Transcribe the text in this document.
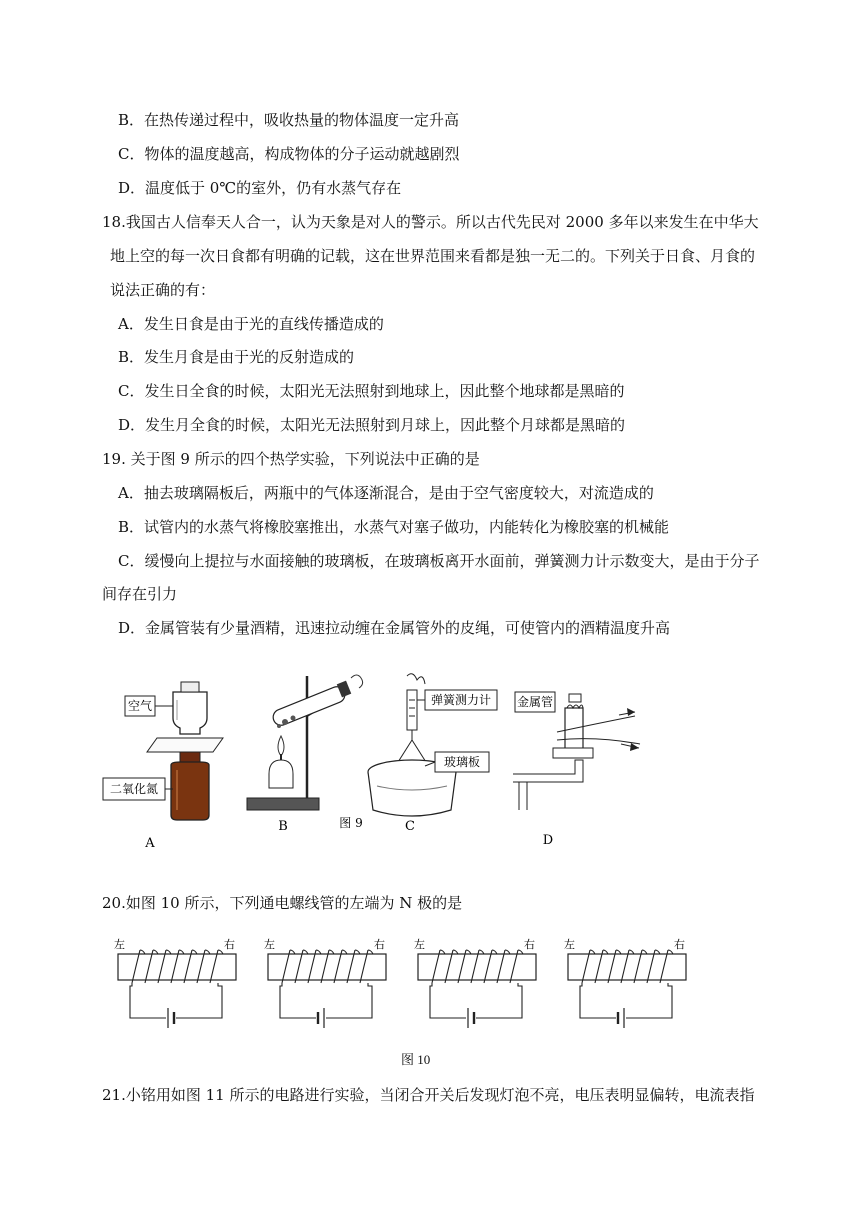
B．在热传递过程中，吸收热量的物体温度一定升高
C．物体的温度越高，构成物体的分子运动就越剧烈
D．温度低于 0℃的室外，仍有水蒸气存在
18.我国古人信奉天人合一，认为天象是对人的警示。所以古代先民对 2000 多年以来发生在中华大
地上空的每一次日食都有明确的记载，这在世界范围来看都是独一无二的。下列关于日食、月食的
说法正确的有：
A．发生日食是由于光的直线传播造成的
B．发生月食是由于光的反射造成的
C．发生日全食的时候，太阳光无法照射到地球上，因此整个地球都是黑暗的
D．发生月全食的时候，太阳光无法照射到月球上，因此整个月球都是黑暗的
19. 关于图 9 所示的四个热学实验，下列说法中正确的是
A．抽去玻璃隔板后，两瓶中的气体逐渐混合，是由于空气密度较大，对流造成的
B．试管内的水蒸气将橡胶塞推出，水蒸气对塞子做功，内能转化为橡胶塞的机械能
C．缓慢向上提拉与水面接触的玻璃板，在玻璃板离开水面前，弹簧测力计示数变大，是由于分子
间存在引力
D．金属管装有少量酒精，迅速拉动缠在金属管外的皮绳，可使管内的酒精温度升高
空气
二氧化氮
B
弹簧测力计
玻璃板
C
金属管
D
A
图 9
20.如图 10 所示，下列通电螺线管的左端为 N 极的是
左	右	左	右	左	右	左	右
图 10
21.小铭用如图 11 所示的电路进行实验，当闭合开关后发现灯泡不亮，电压表明显偏转，电流表指
